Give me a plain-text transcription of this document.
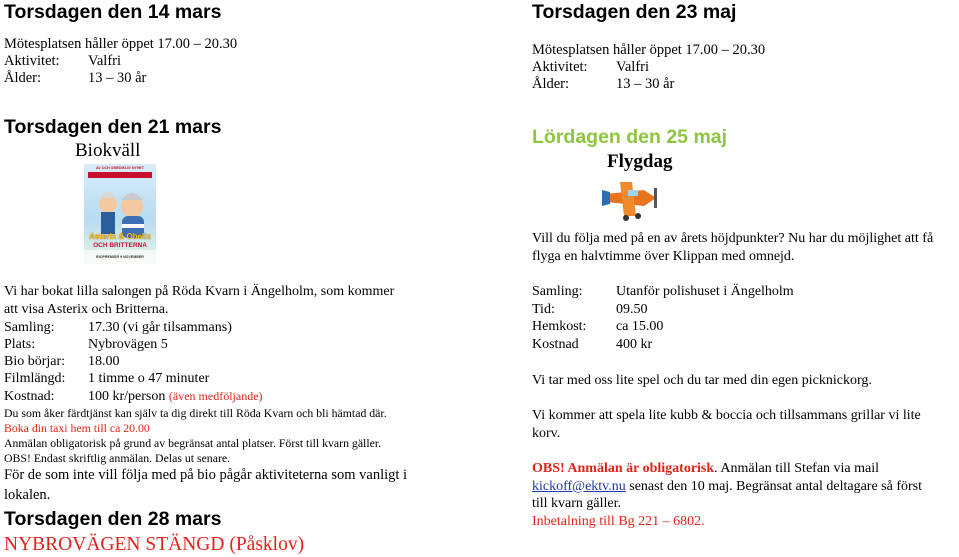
Torsdagen den 14 mars
Mötesplatsen håller öppet 17.00 – 20.30
Aktivitet:	Valfri
Ålder:	13 – 30 år
Torsdagen den 21 mars
Biokväll
AV OCH OMEDIELIG NYHET
Asterix & Obelix
OCH BRITTERNA
BIOPREMIÄR 9 NOVEMBER
Vi har bokat lilla salongen på Röda Kvarn i Ängelholm, som kommer att visa Asterix och Britterna.
Samling:	17.30 (vi går tilsammans)
Plats:	Nybrovägen 5
Bio börjar:	18.00
Filmlängd:	1 timme o 47 minuter
Kostnad:	100 kr/person
(även medföljande)
Du som åker färdtjänst kan själv ta dig direkt till Röda Kvarn och bli hämtad där.
Boka din taxi hem till ca 20.00
Anmälan obligatorisk på grund av begränsat antal platser. Först till kvarn gäller.
OBS! Endast skriftlig anmälan. Delas ut senare.
För de som inte vill följa med på bio pågår aktiviteterna som vanligt i lokalen.
Torsdagen den 28 mars
NYBROVÄGEN STÄNGD (Påsklov)
Torsdagen den 23 maj
Mötesplatsen håller öppet 17.00 – 20.30
Aktivitet:	Valfri
Ålder:	13 – 30 år
Lördagen den 25 maj
Flygdag
Vill du följa med på en av årets höjdpunkter? Nu har du möjlighet att få flyga en halvtimme över Klippan med omnejd.
Samling:	Utanför polishuset i Ängelholm
Tid:	09.50
Hemkost:	ca 15.00
Kostnad	400 kr
Vi tar med oss lite spel och du tar med din egen picknickorg.
Vi kommer att spela lite kubb & boccia och tillsammans grillar vi lite korv.
OBS! Anmälan är obligatorisk. Anmälan till Stefan via mail kickoff@ektv.nu senast den 10 maj. Begränsat antal deltagare så först till kvarn gäller.
Inbetalning till Bg 221 – 6802.
